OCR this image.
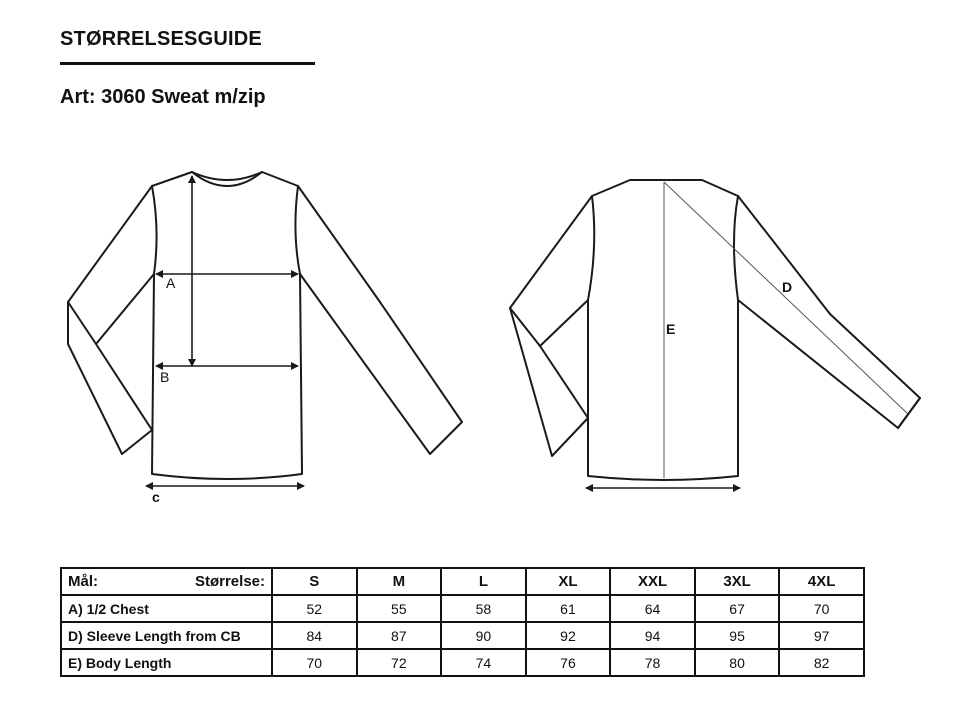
STØRRELSESGUIDE
Art: 3060 Sweat m/zip
A
B
c
E
D
Mål: Størrelse:	S	M	L	XL	XXL	3XL	4XL
A) 1/2 Chest	52	55	58	61	64	67	70
D) Sleeve Length from CB	84	87	90	92	94	95	97
E) Body Length	70	72	74	76	78	80	82
